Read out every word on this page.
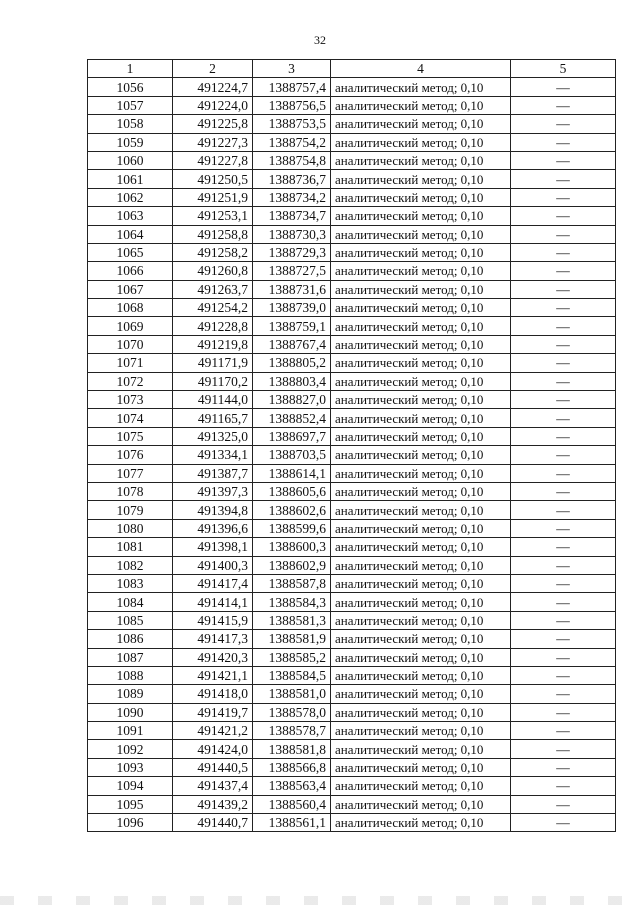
32
1	2	3	4	5
1056	491224,7	1388757,4	аналитический метод; 0,10	—
1057	491224,0	1388756,5	аналитический метод; 0,10	—
1058	491225,8	1388753,5	аналитический метод; 0,10	—
1059	491227,3	1388754,2	аналитический метод; 0,10	—
1060	491227,8	1388754,8	аналитический метод; 0,10	—
1061	491250,5	1388736,7	аналитический метод; 0,10	—
1062	491251,9	1388734,2	аналитический метод; 0,10	—
1063	491253,1	1388734,7	аналитический метод; 0,10	—
1064	491258,8	1388730,3	аналитический метод; 0,10	—
1065	491258,2	1388729,3	аналитический метод; 0,10	—
1066	491260,8	1388727,5	аналитический метод; 0,10	—
1067	491263,7	1388731,6	аналитический метод; 0,10	—
1068	491254,2	1388739,0	аналитический метод; 0,10	—
1069	491228,8	1388759,1	аналитический метод; 0,10	—
1070	491219,8	1388767,4	аналитический метод; 0,10	—
1071	491171,9	1388805,2	аналитический метод; 0,10	—
1072	491170,2	1388803,4	аналитический метод; 0,10	—
1073	491144,0	1388827,0	аналитический метод; 0,10	—
1074	491165,7	1388852,4	аналитический метод; 0,10	—
1075	491325,0	1388697,7	аналитический метод; 0,10	—
1076	491334,1	1388703,5	аналитический метод; 0,10	—
1077	491387,7	1388614,1	аналитический метод; 0,10	—
1078	491397,3	1388605,6	аналитический метод; 0,10	—
1079	491394,8	1388602,6	аналитический метод; 0,10	—
1080	491396,6	1388599,6	аналитический метод; 0,10	—
1081	491398,1	1388600,3	аналитический метод; 0,10	—
1082	491400,3	1388602,9	аналитический метод; 0,10	—
1083	491417,4	1388587,8	аналитический метод; 0,10	—
1084	491414,1	1388584,3	аналитический метод; 0,10	—
1085	491415,9	1388581,3	аналитический метод; 0,10	—
1086	491417,3	1388581,9	аналитический метод; 0,10	—
1087	491420,3	1388585,2	аналитический метод; 0,10	—
1088	491421,1	1388584,5	аналитический метод; 0,10	—
1089	491418,0	1388581,0	аналитический метод; 0,10	—
1090	491419,7	1388578,0	аналитический метод; 0,10	—
1091	491421,2	1388578,7	аналитический метод; 0,10	—
1092	491424,0	1388581,8	аналитический метод; 0,10	—
1093	491440,5	1388566,8	аналитический метод; 0,10	—
1094	491437,4	1388563,4	аналитический метод; 0,10	—
1095	491439,2	1388560,4	аналитический метод; 0,10	—
1096	491440,7	1388561,1	аналитический метод; 0,10	—
